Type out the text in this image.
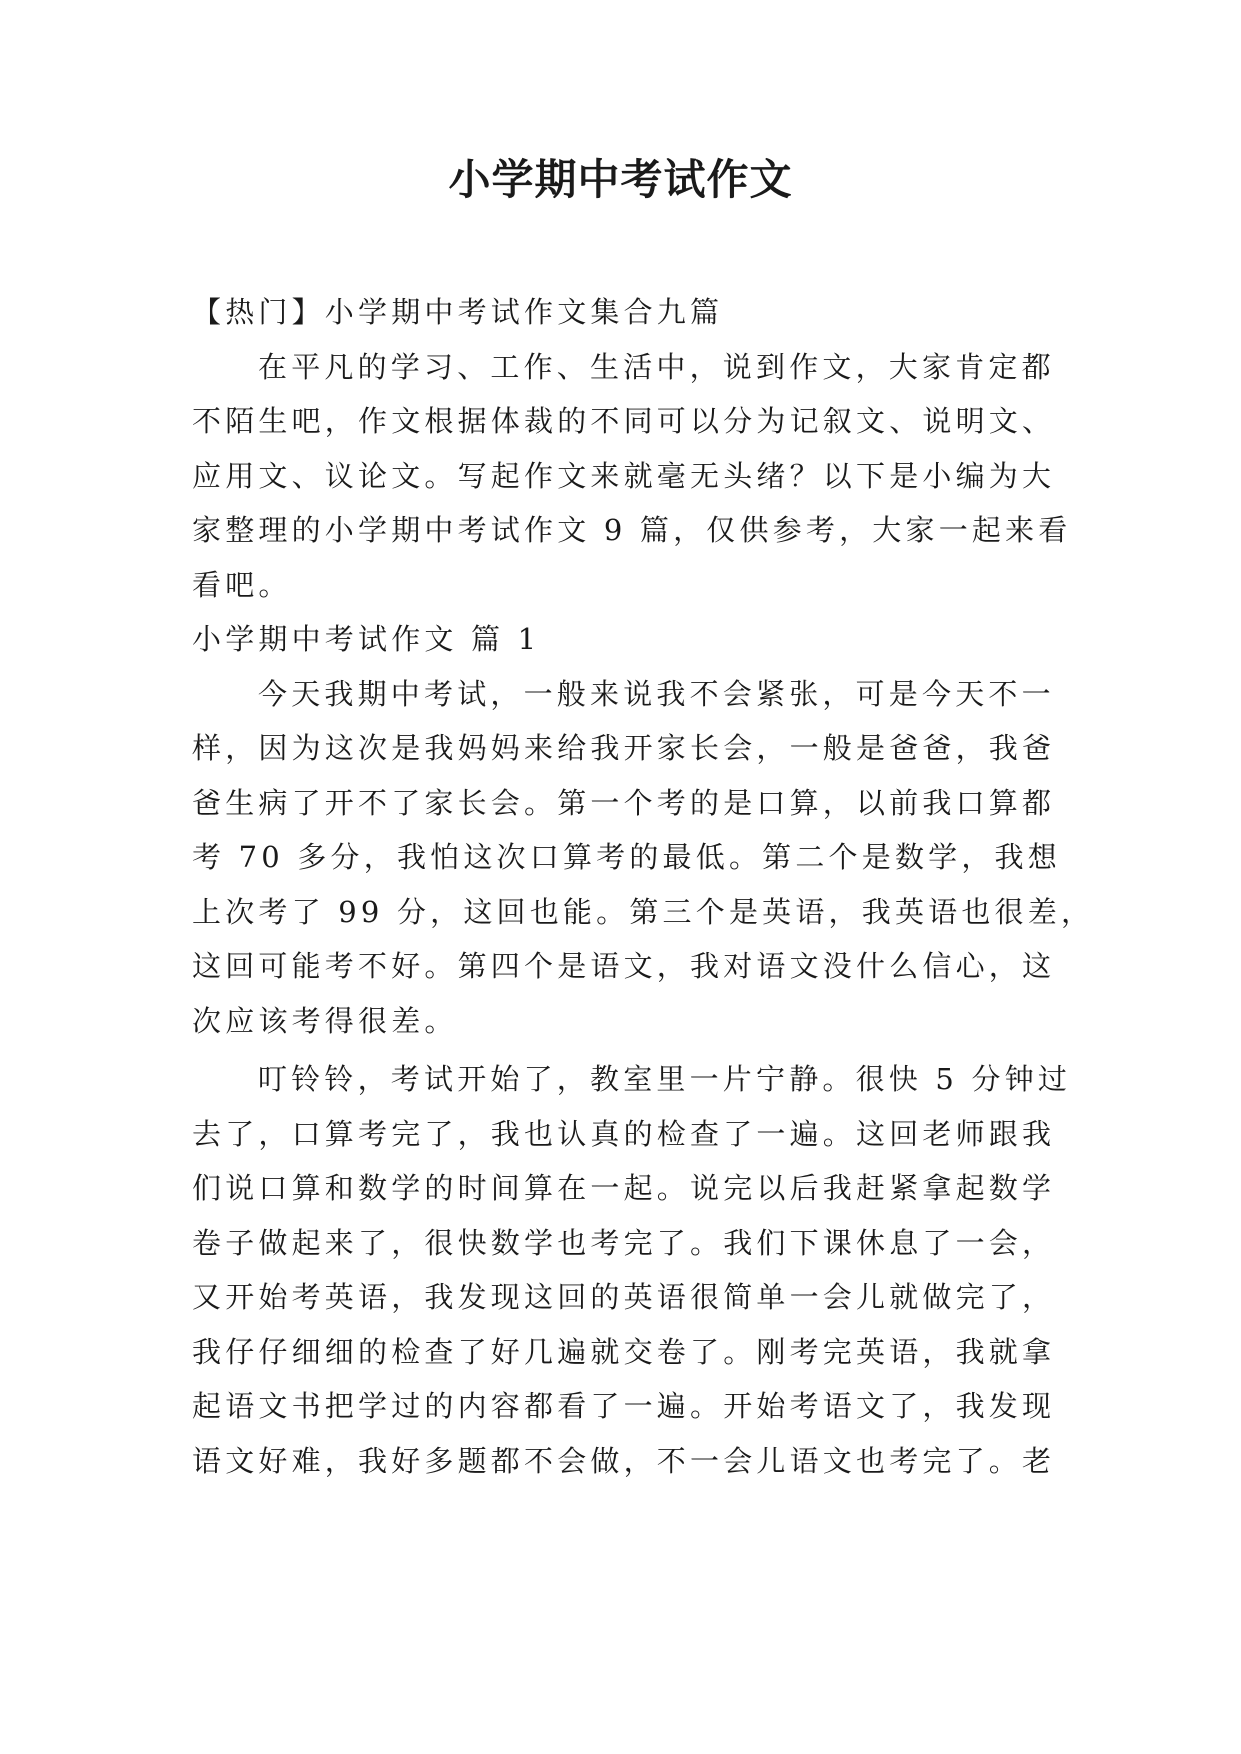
小学期中考试作文
【热门】小学期中考试作文集合九篇
在平凡的学习、工作、生活中，说到作文，大家肯定都
不陌生吧，作文根据体裁的不同可以分为记叙文、说明文、
应用文、议论文。写起作文来就毫无头绪？以下是小编为大
家整理的小学期中考试作文 9 篇，仅供参考，大家一起来看
看吧。
小学期中考试作文 篇 1
今天我期中考试，一般来说我不会紧张，可是今天不一
样，因为这次是我妈妈来给我开家长会，一般是爸爸，我爸
爸生病了开不了家长会。第一个考的是口算，以前我口算都
考 70 多分，我怕这次口算考的最低。第二个是数学，我想
上次考了 99 分，这回也能。第三个是英语，我英语也很差，
这回可能考不好。第四个是语文，我对语文没什么信心，这
次应该考得很差。
叮铃铃，考试开始了，教室里一片宁静。很快 5 分钟过
去了，口算考完了，我也认真的检查了一遍。这回老师跟我
们说口算和数学的时间算在一起。说完以后我赶紧拿起数学
卷子做起来了，很快数学也考完了。我们下课休息了一会，
又开始考英语，我发现这回的英语很简单一会儿就做完了，
我仔仔细细的检查了好几遍就交卷了。刚考完英语，我就拿
起语文书把学过的内容都看了一遍。开始考语文了，我发现
语文好难，我好多题都不会做，不一会儿语文也考完了。老
